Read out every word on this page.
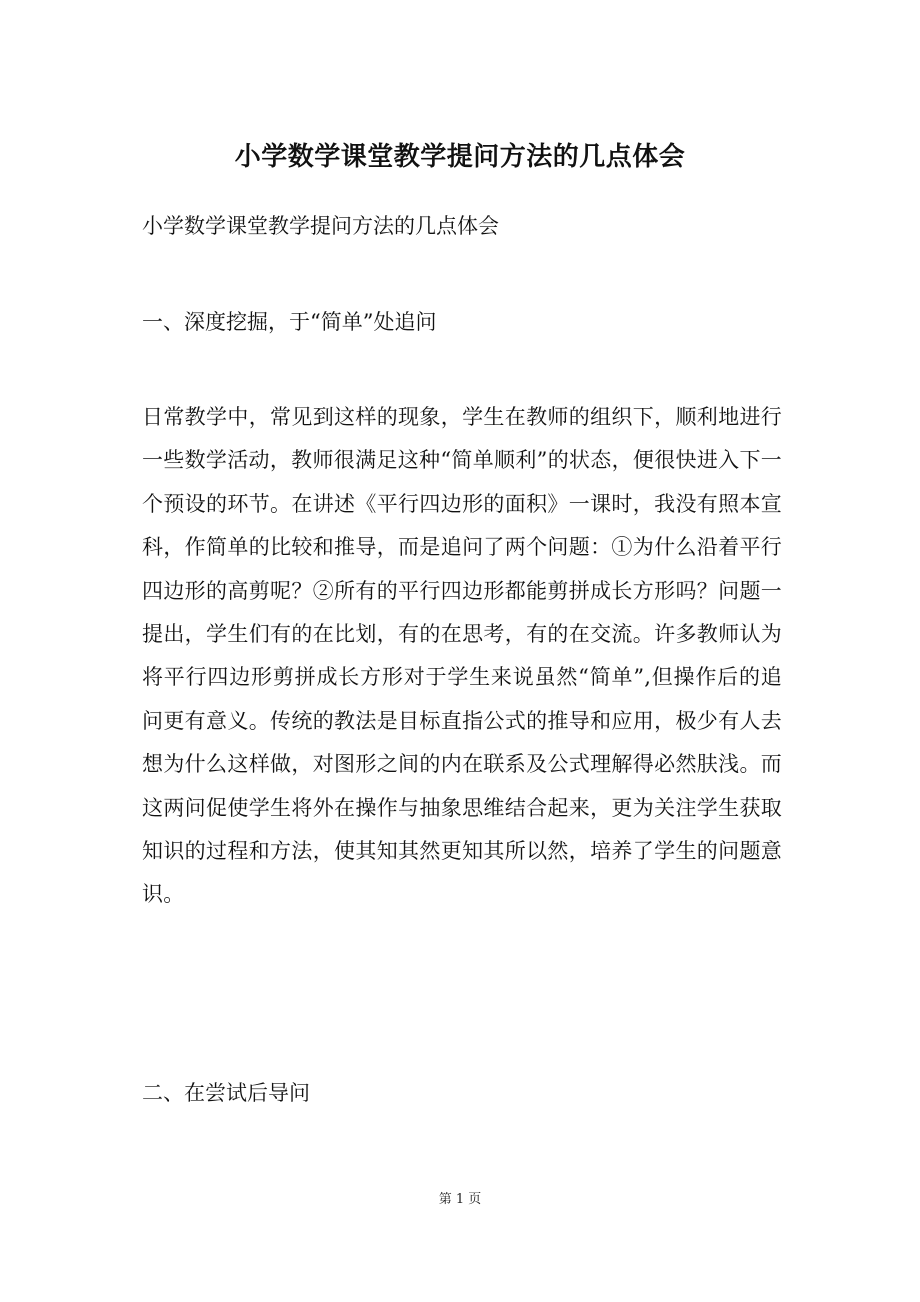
小学数学课堂教学提问方法的几点体会
小学数学课堂教学提问方法的几点体会
一、深度挖掘，于“简单”处追问

日常教学中，常见到这样的现象，学生在教师的组织下，顺利地进行一些数学活动，教师很满足这种“简单顺利”的状态，便很快进入下一个预设的环节。在讲述《平行四边形的面积》一课时，我没有照本宣科，作简单的比较和推导，而是追问了两个问题：①为什么沿着平行四边形的高剪呢？②所有的平行四边形都能剪拼成长方形吗？问题一提出，学生们有的在比划，有的在思考，有的在交流。许多教师认为将平行四边形剪拼成长方形对于学生来说虽然“简单”,但操作后的追问更有意义。传统的教法是目标直指公式的推导和应用，极少有人去想为什么这样做，对图形之间的内在联系及公式理解得必然肤浅。而这两问促使学生将外在操作与抽象思维结合起来，更为关注学生获取知识的过程和方法，使其知其然更知其所以然，培养了学生的问题意识。

二、在尝试后导问
第 1 页
